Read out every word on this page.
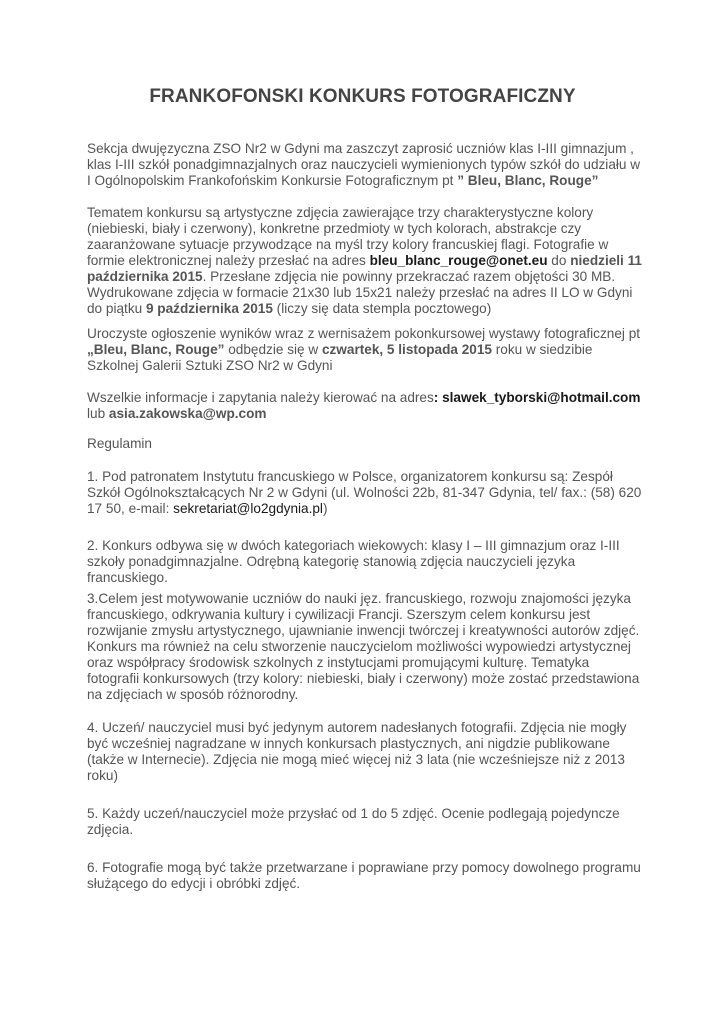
FRANKOFONSKI KONKURS FOTOGRAFICZNY
Sekcja dwujęzyczna ZSO Nr2 w Gdyni ma zaszczyt zaprosić uczniów klas I-III gimnazjum ,
klas I-III szkół ponadgimnazjalnych oraz nauczycieli wymienionych typów szkół do udziału w
I Ogólnopolskim Frankofońskim Konkursie Fotograficznym pt ” Bleu, Blanc, Rouge”
Tematem konkursu są artystyczne zdjęcia zawierające trzy charakterystyczne kolory
(niebieski, biały i czerwony), konkretne przedmioty w tych kolorach, abstrakcje czy
zaaranżowane sytuacje przywodzące na myśl trzy kolory francuskiej flagi. Fotografie w
formie elektronicznej należy przesłać na adres bleu_blanc_rouge@onet.eu do niedzieli 11
października 2015. Przesłane zdjęcia nie powinny przekraczać razem objętości 30 MB.
Wydrukowane zdjęcia w formacie 21x30 lub 15x21 należy przesłać na adres II LO w Gdyni
do piątku 9 października 2015 (liczy się data stempla pocztowego)
Uroczyste ogłoszenie wyników wraz z wernisażem pokonkursowej wystawy fotograficznej pt
„Bleu, Blanc, Rouge” odbędzie się w czwartek, 5 listopada 2015 roku w siedzibie
Szkolnej Galerii Sztuki ZSO Nr2 w Gdyni
Wszelkie informacje i zapytania należy kierować na adres: slawek_tyborski@hotmail.com
lub asia.zakowska@wp.com
Regulamin
1. Pod patronatem Instytutu francuskiego w Polsce, organizatorem konkursu są: Zespół
Szkół Ogólnokształcących Nr 2 w Gdyni (ul. Wolności 22b, 81-347 Gdynia, tel/ fax.: (58) 620
17 50, e-mail: sekretariat@lo2gdynia.pl)
2. Konkurs odbywa się w dwóch kategoriach wiekowych: klasy I – III gimnazjum oraz I-III
szkoły ponadgimnazjalne. Odrębną kategorię stanowią zdjęcia nauczycieli języka
francuskiego.
3.Celem jest motywowanie uczniów do nauki jęz. francuskiego, rozwoju znajomości języka
francuskiego, odkrywania kultury i cywilizacji Francji. Szerszym celem konkursu jest
rozwijanie zmysłu artystycznego, ujawnianie inwencji twórczej i kreatywności autorów zdjęć.
Konkurs ma również na celu stworzenie nauczycielom możliwości wypowiedzi artystycznej
oraz współpracy środowisk szkolnych z instytucjami promującymi kulturę. Tematyka
fotografii konkursowych (trzy kolory: niebieski, biały i czerwony) może zostać przedstawiona
na zdjęciach w sposób różnorodny.
4. Uczeń/ nauczyciel musi być jedynym autorem nadesłanych fotografii. Zdjęcia nie mogły
być wcześniej nagradzane w innych konkursach plastycznych, ani nigdzie publikowane
(także w Internecie). Zdjęcia nie mogą mieć więcej niż 3 lata (nie wcześniejsze niż z 2013
roku)
5. Każdy uczeń/nauczyciel może przysłać od 1 do 5 zdjęć. Ocenie podlegają pojedyncze
zdjęcia.
6. Fotografie mogą być także przetwarzane i poprawiane przy pomocy dowolnego programu
służącego do edycji i obróbki zdjęć.
